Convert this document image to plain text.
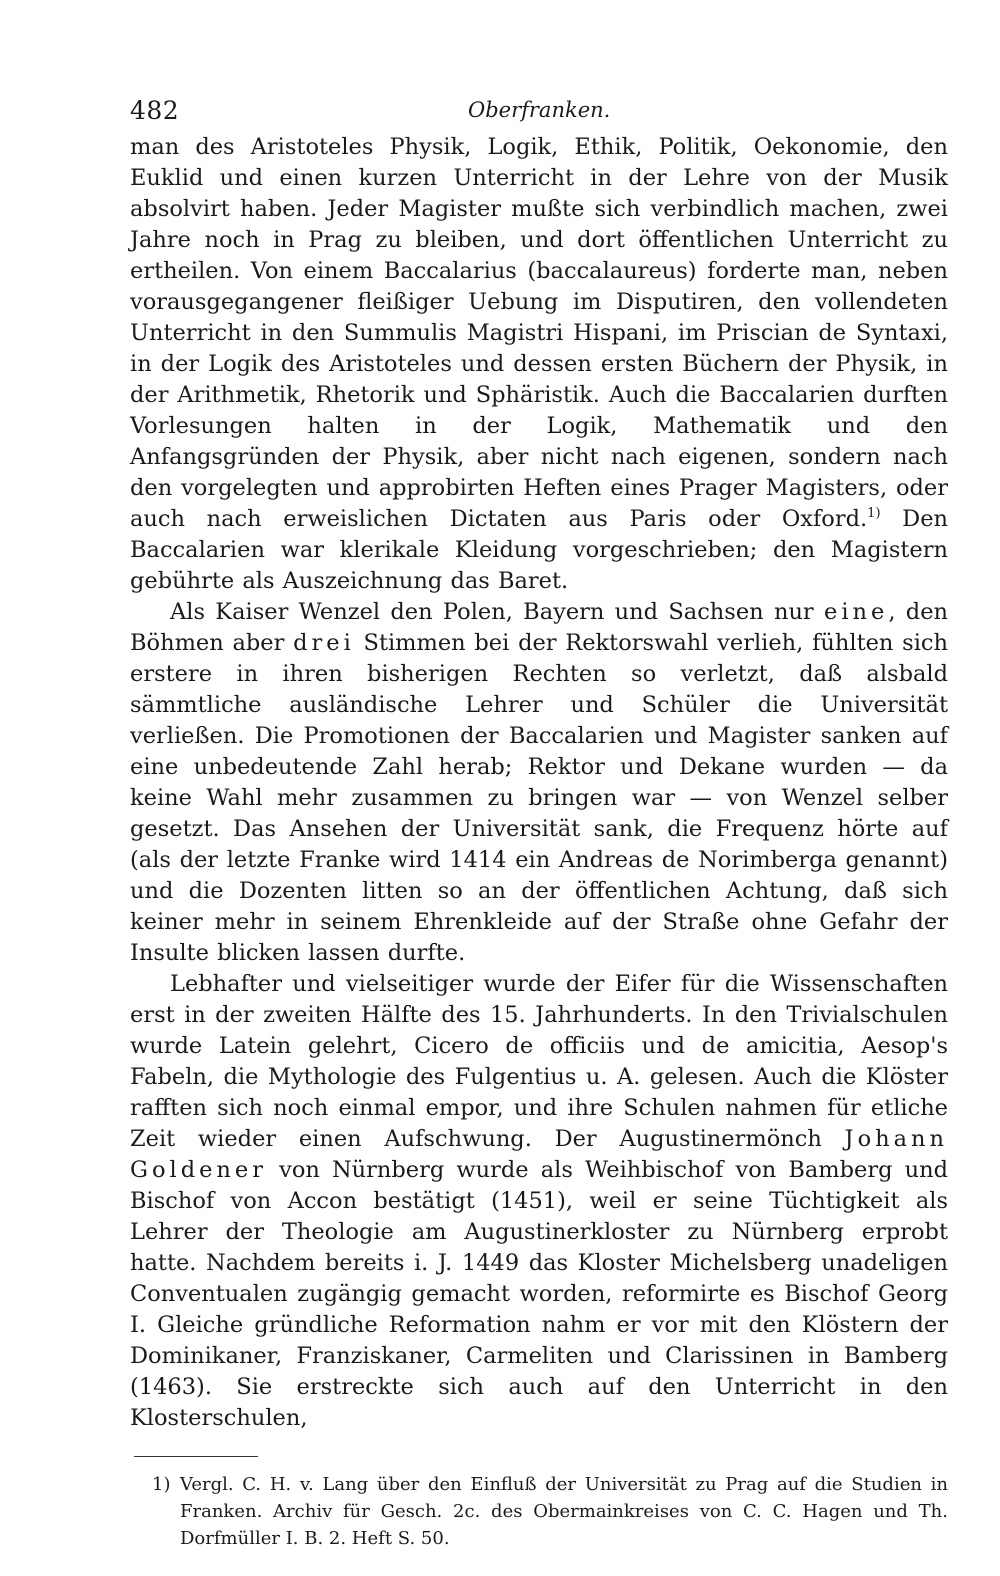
482	Oberfranken.

man des Aristoteles Physik, Logik, Ethik, Politik, Oekonomie, den Euklid und einen kurzen Unterricht in der Lehre von der Musik absolvirt haben. Jeder Magister mußte sich verbindlich machen, zwei Jahre noch in Prag zu bleiben, und dort öffentlichen Unterricht zu ertheilen. Von einem Baccalarius (baccalaureus) forderte man, neben vorausgegangener fleißiger Uebung im Disputiren, den vollendeten Unterricht in den Summulis Magistri Hispani, im Priscian de Syntaxi, in der Logik des Aristoteles und dessen ersten Büchern der Physik, in der Arithmetik, Rhetorik und Sphäristik. Auch die Baccalarien durften Vorlesungen halten in der Logik, Mathematik und den Anfangsgründen der Physik, aber nicht nach eigenen, sondern nach den vorgelegten und approbirten Heften eines Prager Magisters, oder auch nach erweislichen Dictaten aus Paris oder Oxford.$^{1)}$ Den Baccalarien war klerikale Kleidung vorgeschrieben; den Magistern gebührte als Auszeichnung das Baret.

Als Kaiser Wenzel den Polen, Bayern und Sachsen nur eine, den Böhmen aber drei Stimmen bei der Rektorswahl verlieh, fühlten sich erstere in ihren bisherigen Rechten so verletzt, daß alsbald sämmtliche ausländische Lehrer und Schüler die Universität verließen. Die Promotionen der Baccalarien und Magister sanken auf eine unbedeutende Zahl herab; Rektor und Dekane wurden — da keine Wahl mehr zusammen zu bringen war — von Wenzel selber gesetzt. Das Ansehen der Universität sank, die Frequenz hörte auf (als der letzte Franke wird 1414 ein Andreas de Norimberga genannt) und die Dozenten litten so an der öffentlichen Achtung, daß sich keiner mehr in seinem Ehrenkleide auf der Straße ohne Gefahr der Insulte blicken lassen durfte.

Lebhafter und vielseitiger wurde der Eifer für die Wissenschaften erst in der zweiten Hälfte des 15. Jahrhunderts. In den Trivialschulen wurde Latein gelehrt, Cicero de officiis und de amicitia, Aesop's Fabeln, die Mythologie des Fulgentius u. A. gelesen. Auch die Klöster rafften sich noch einmal empor, und ihre Schulen nahmen für etliche Zeit wieder einen Aufschwung. Der Augustinermönch Johann Goldener von Nürnberg wurde als Weihbischof von Bamberg und Bischof von Accon bestätigt (1451), weil er seine Tüchtigkeit als Lehrer der Theologie am Augustinerkloster zu Nürnberg erprobt hatte. Nachdem bereits i. J. 1449 das Kloster Michelsberg unadeligen Conventualen zugängig gemacht worden, reformirte es Bischof Georg I. Gleiche gründliche Reformation nahm er vor mit den Klöstern der Dominikaner, Franziskaner, Carmeliten und Clarissinen in Bamberg (1463). Sie erstreckte sich auch auf den Unterricht in den Klosterschulen,

1) Vergl. C. H. v. Lang über den Einfluß der Universität zu Prag auf die Studien in Franken. Archiv für Gesch. 2c. des Obermainkreises von C. C. Hagen und Th. Dorfmüller I. B. 2. Heft S. 50.
